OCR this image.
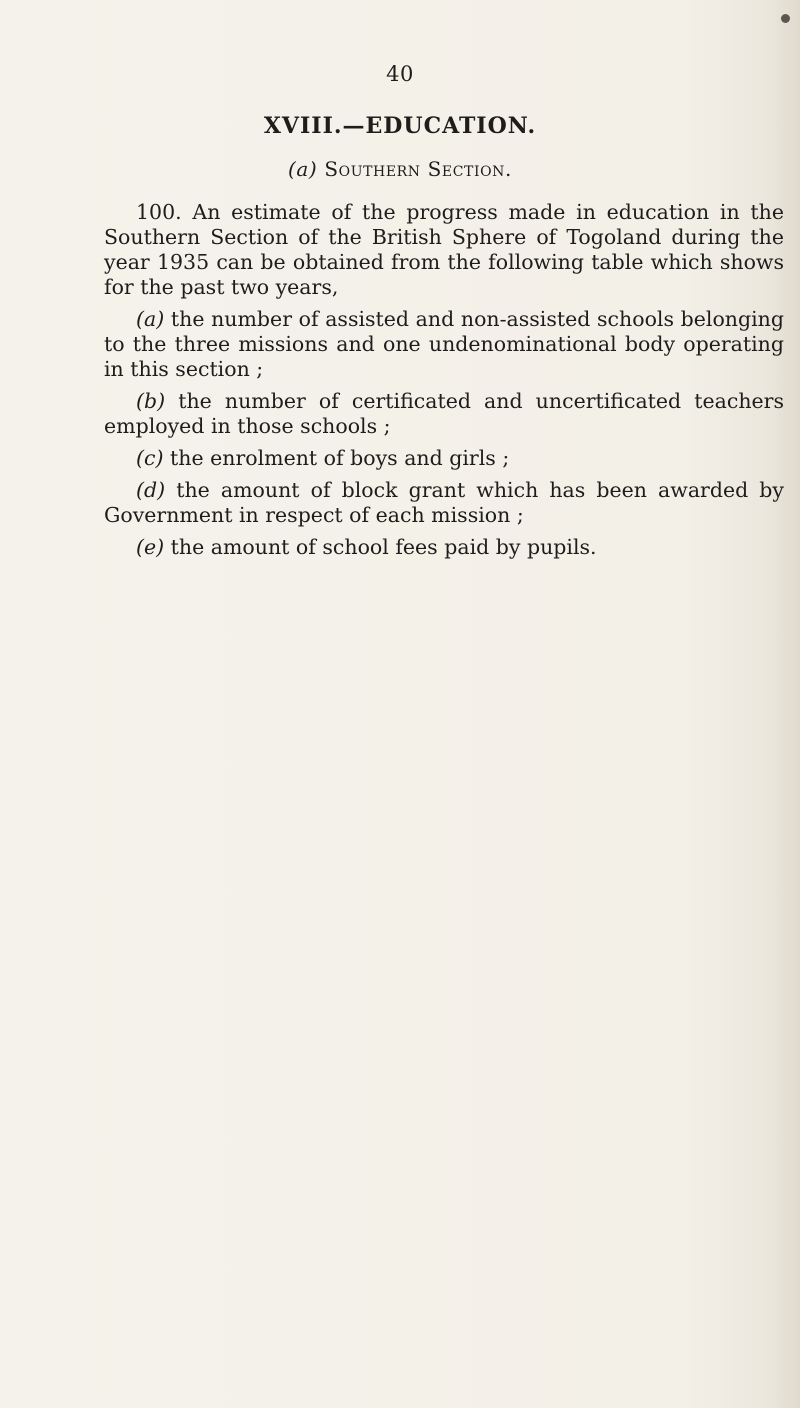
40
XVIII.—EDUCATION.
(a) Southern Section.

100. An estimate of the progress made in education in the Southern Section of the British Sphere of Togoland during the year 1935 can be obtained from the following table which shows for the past two years,

(a) the number of assisted and non-assisted schools belonging to the three missions and one undenominational body operating in this section ;

(b) the number of certificated and uncertificated teachers employed in those schools ;

(c) the enrolment of boys and girls ;

(d) the amount of block grant which has been awarded by Government in respect of each mission ;

(e) the amount of school fees paid by pupils.
